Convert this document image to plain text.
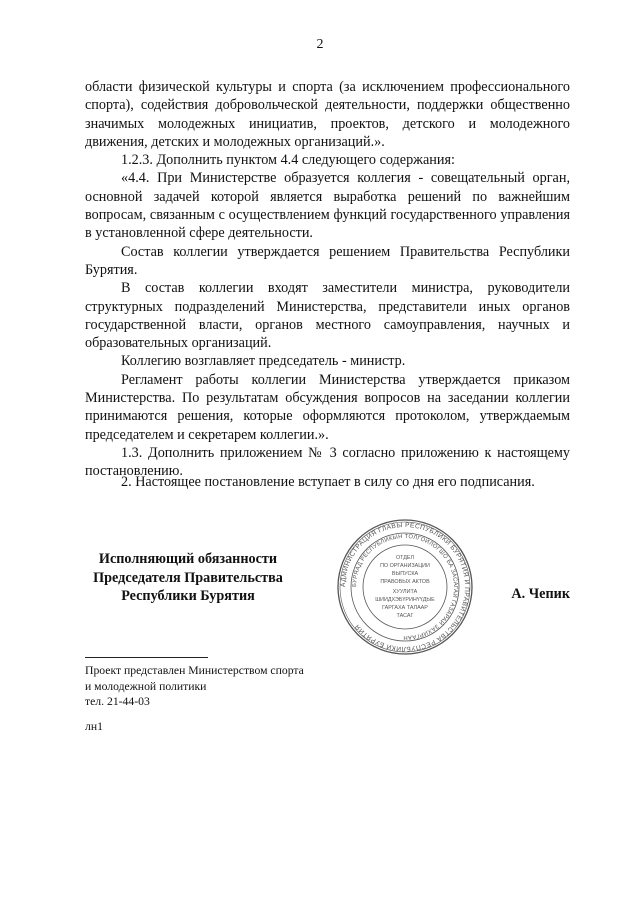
2

области физической культуры и спорта (за исключением профессионального спорта), содействия добровольческой деятельности, поддержки общественно значимых молодежных инициатив, проектов, детского и молодежного движения, детских и молодежных организаций.».

1.2.3. Дополнить пунктом 4.4 следующего содержания:

«4.4. При Министерстве образуется коллегия - совещательный орган, основной задачей которой является выработка решений по важнейшим вопросам, связанным с осуществлением функций государственного управления в установленной сфере деятельности.

Состав коллегии утверждается решением Правительства Республики Бурятия.

В состав коллегии входят заместители министра, руководители структурных подразделений Министерства, представители иных органов государственной власти, органов местного самоуправления, научных и образовательных организаций.

Коллегию возглавляет председатель - министр.

Регламент работы коллегии Министерства утверждается приказом Министерства. По результатам обсуждения вопросов на заседании коллегии принимаются решения, которые оформляются протоколом, утверждаемым председателем и секретарем коллегии.».

1.3. Дополнить приложением № 3 согласно приложению к настоящему постановлению.

2. Настоящее постановление вступает в силу со дня его подписания.
Исполняющий обязанности
Председателя Правительства
Республики Бурятия
АДМИНИСТРАЦИЯ ГЛАВЫ РЕСПУБЛИКИ БУРЯТИЯ И ПРАВИТЕЛЬСТВА РЕСПУБЛИКИ БУРЯТИЯ
БУРЯАД РЕСПУБЛИКЫН ТОЛГОЙЛОГШО БА ЗАСАГАЙ ГАЗАРАЙ ЗАХИРГААН
ОТДЕЛ
ПО ОРГАНИЗАЦИИ
ВЫПУСКА
ПРАВОВЫХ АКТОВ
ХУУЛИТА
ШИИДХЭБҮРИНҮҮДЫЕ
ГАРГАХА ТАЛААР
ТАСАГ
А. Чепик
Проект представлен Министерством спорта
и молодежной политики
тел. 21-44-03
лн1
